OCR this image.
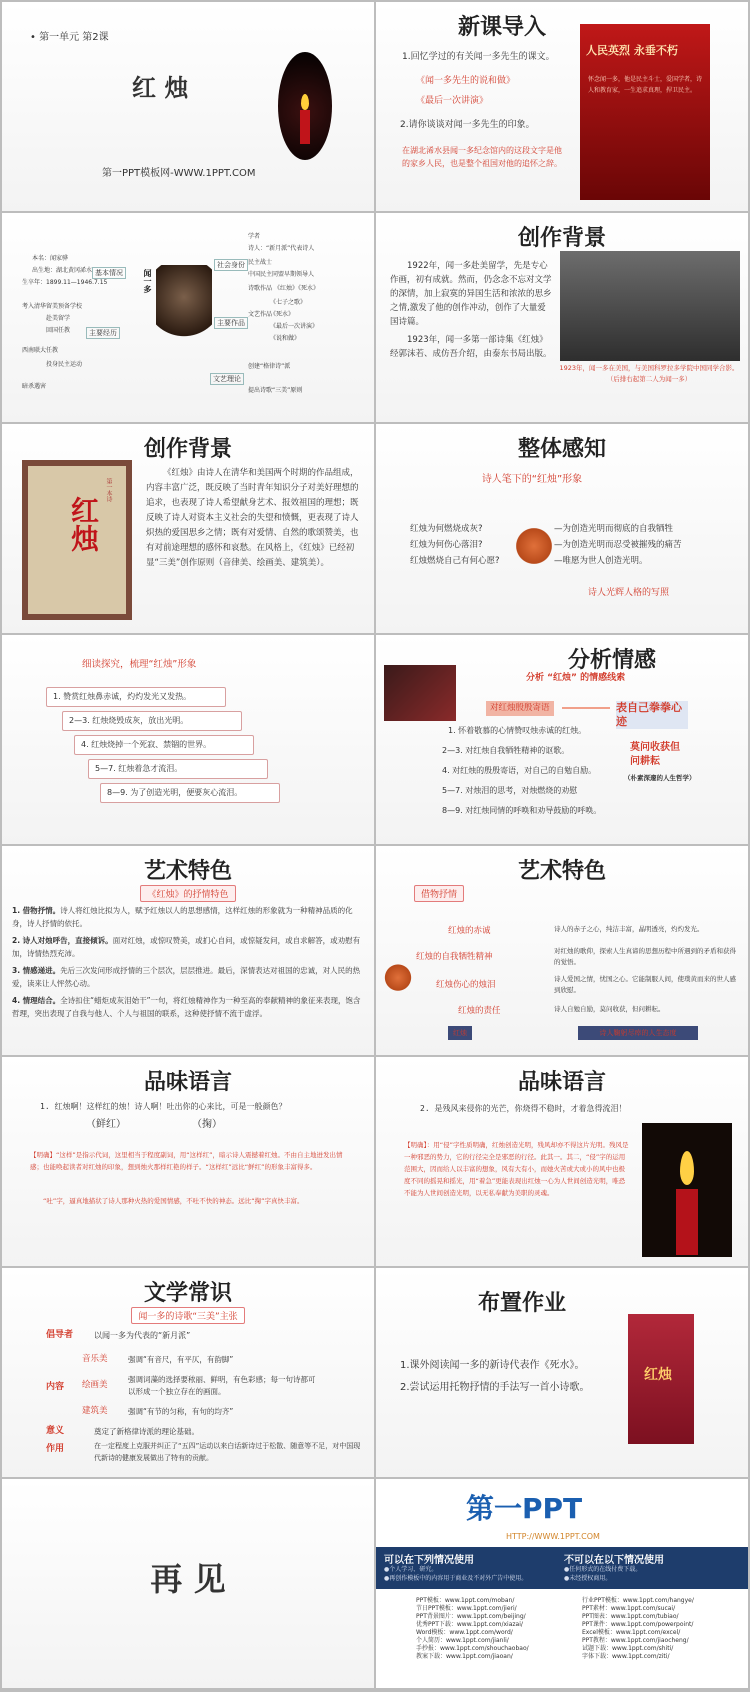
• 第一单元 第2课
红 烛
第一PPT模板网-WWW.1PPT.COM
新课导入
1.回忆学过的有关闻一多先生的课文。
《闻一多先生的说和做》
《最后一次讲演》
2.请你谈谈对闻一多先生的印象。
在湖北浠水县闻一多纪念馆内的这段文字是他的家乡人民，也是整个祖国对他的追怀之辞。
人民英烈 永垂不朽
怀念闻一多，他是民主斗士，爱国学者，诗人和教育家，一生追求真理，捍卫民主。
闻一多
基本情况
主要经历
本名：闻家骅
出生地：湖北黄冈浠水
生卒年：1899.11—1946.7.15
考入清华留美预备学校
赴美留学
回国任教
西南联大任教
投身民主运动
暗杀遇害
社会身份
主要作品
文艺理论
学者
诗人：“新月派”代表诗人
民主战士
中国民主同盟早期领导人
诗歌作品 《红烛》《死水》
文艺作品
《七子之歌》
《死水》
《最后一次讲演》
《说和做》
创建“格律诗”派
提出诗歌“三美”原则
创作背景
1922年，闻一多赴美留学，先是专心作画，初有成就。然而，仍念念不忘对文学的深情，加上寂寞的异国生活和浓浓的思乡之情,激发了他的创作冲动，创作了大量爱国诗篇。
1923年，闻一多第一部诗集《红烛》经郭沫若、成仿吾介绍，由泰东书局出版。
1923年，闻一多在美国，与美国科罗拉多学院中国同学合影。（后排右起第二人为闻一多）
创作背景
红烛
第一本诗
《红烛》由诗人在清华和美国两个时期的作品组成，内容丰富广泛，既反映了当时青年知识分子对美好理想的追求，也表现了诗人希望献身艺术、报效祖国的理想；既反映了诗人对资本主义社会的失望和愤慨，更表现了诗人炽热的爱国思乡之情；既有对爱情、自然的歌颂赞美，也有对前途理想的感怀和哀愁。在风格上，《红烛》已经初显“三美”创作原则（音律美、绘画美、建筑美）。
整体感知
诗人笔下的“红烛”形象
红烛为何燃烧成灰?
红烛为何伤心落泪?
红烛燃烧自己有何心愿?
—为创造光明而彻底的自我牺牲
—为创造光明而忍受被摧残的痛苦
—唯愿为世人创造光明。
诗人光辉人格的写照
细读探究，梳理“红烛”形象
1. 赞赏红烛鼻赤诚，灼灼发光又发热。
2—3. 红烛烧毁成灰，放出光明。
4. 红烛烧掉一个死寂、禁锢的世界。
5—7. 红烛着急才流泪。
8—9. 为了创造光明，便要灰心流泪。
分析情感
分析 “红烛” 的情感线索
对红烛殷殷寄语	表自己拳拳心迹
莫问收获但问耕耘
（朴素深邃的人生哲学）
1. 怀着敬慕的心情赞叹烛赤诚的红烛。
2—3. 对红烛自我牺牲精神的讴歌。
4. 对红烛的殷殷寄语，对自己的自勉自励。
5—7. 对烛泪的思考，对烛燃烧的劝慰
8—9. 对红烛同情的呼唤和劝导鼓励的呼唤。
艺术特色
《红烛》的抒情特色
1. 借物抒情。诗人将红烛比拟为人，赋予红烛以人的思想感情，这样红烛的形象就为一种精神品质的化身，诗人抒情的依托。
2. 诗人对烛呼告，直接倾诉。面对红烛，或惊叹赞美，或扪心自问，或惊疑发问，或自求解答，或劝慰有加，诗情热烈充沛。
3. 情感递进。先后三次发问形成抒情的三个层次，层层推进。最后，深情表达对祖国的忠诚，对人民的热爱，读来让人怦然心动。
4. 情理结合。全诗扣住“蜡炬成灰泪始干”一句，将红烛精神作为一种至高的奉献精神的象征来表现，饱含哲理，突出表现了自我与他人、个人与祖国的联系，这种使抒情不流于虚浮。
艺术特色
借物抒情
红烛的赤诚
红烛的自我牺牲精神
红烛伤心的烛泪
红烛的责任
诗人的赤子之心，纯洁丰富，晶明透亮，灼灼发光。
对红烛的歌仰，探索人生真谛的思想历程中所遇到的矛盾和获得的觉悟。
诗人爱国之情，忧国之心。它能制服人间，使璞黄而来的世人感到欣慰。
诗人自勉自励，莫问收获，但问耕耘。
红烛	诗人鞠躬尽瘁的人生态度
品味语言
1. 红烛啊！这样红的烛！诗人啊！吐出你的心来比，可是一般颜色？
（鲜红）	（掬）
【明确】“这样”是指示代词，这里相当于程度副词，用“这样红”，暗示诗人震撼着红烛。不由自主地迸发出情感；也能唤起读者对红烛的印象，想到烛火那样红艳的样子。“这样红”远比“鲜红”的形象丰富得多。
“吐”字，逼真地描状了诗人那种火热的爱国情感，不吐不快的神态。远比“掬”字真快丰富。
品味语言
2. 是残风来侵你的光芒，你烧得不稳时，才着急得流泪！
【明确】：用“侵”字性质明确，红烛创造光明，残风却亦不得这片光明。残风是一种邪恶的势力，它的行径完全是邪恶的行径。此其一。其二，“侵”字的运用范围大，因而给人以丰富的想象，风有大有小，而她火苦或大或小的风中也极度不同的摇晃和摇光，用“着急”更能表现出红烛一心为人世间创造光明，唯恐不能为人世间创造光明，以无私奉献为美职的灵魂。
文学常识
闻一多的诗歌“三美”主张
倡导者	以闻一多为代表的“新月派”
内容
音乐美	强调“有音尺，有平仄，有韵脚”
绘画美
强调词藻的选择要秾丽、鲜明，有色彩感；每一句诗都可以形成一个独立存在的画面。
建筑美	强调“有节的匀称，有句的均齐”
意义	奠定了新格律诗派的理论基础。
作用	在一定程度上克服并纠正了“五四”运动以来白话新诗过于松散、随意等不足，对中国现代新诗的健康发展做出了特有的贡献。
布置作业
1.课外阅读闻一多的新诗代表作《死水》。
2.尝试运用托物抒情的手法写一首小诗歌。
红烛
再 见
第一PPT
HTTP://WWW.1PPT.COM
可以在下列情况使用
●个人学习、研究。
●再创作模板中的内容用于商业及不对外广告中使用。
不可以在以下情况使用
●任何形式的在线付费下载。
●未经授权商用。
PPT模板：www.1ppt.com/moban/
节日PPT模板：www.1ppt.com/jieri/
PPT背景图片：www.1ppt.com/beijing/
优秀PPT下载：www.1ppt.com/xiazai/
Word模板：www.1ppt.com/word/
个人简历：www.1ppt.com/jianli/
手抄报：www.1ppt.com/shouchaobao/
教案下载：www.1ppt.com/jiaoan/
行业PPT模板：www.1ppt.com/hangye/
PPT素材：www.1ppt.com/sucai/
PPT图表：www.1ppt.com/tubiao/
PPT课件：www.1ppt.com/powerpoint/
Excel模板：www.1ppt.com/excel/
PPT教程：www.1ppt.com/jiaocheng/
试题下载：www.1ppt.com/shiti/
字体下载：www.1ppt.com/ziti/
